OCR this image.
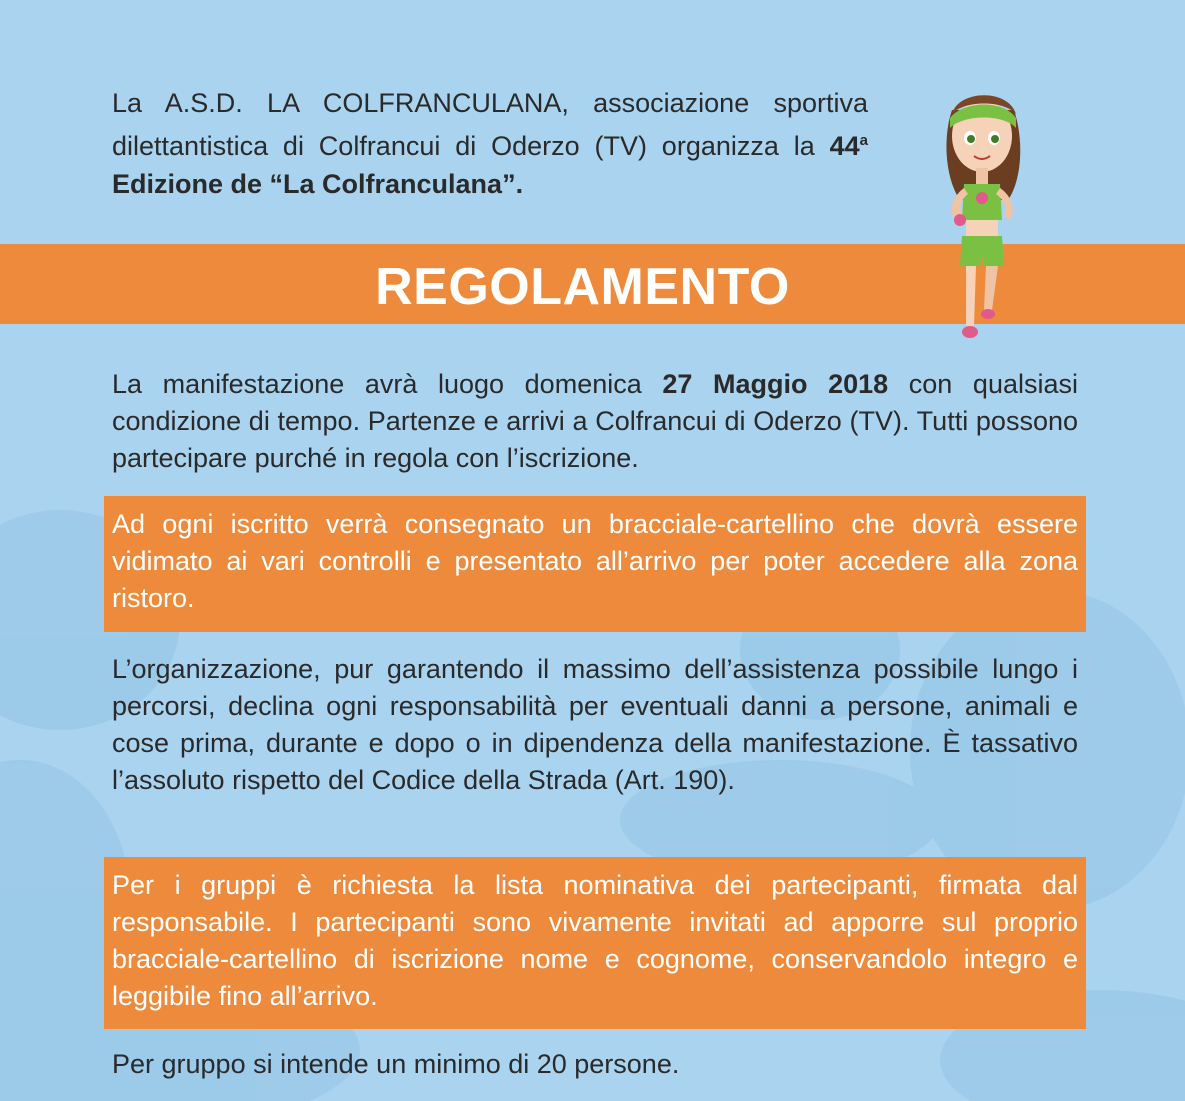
La A.S.D. LA COLFRANCULANA, associazione sportiva dilettantistica di Colfrancui di Oderzo (TV) organizza la 44$^a$ Edizione de “La Colfranculana”.

REGOLAMENTO

La manifestazione avrà luogo domenica 27 Maggio 2018 con qualsiasi condizione di tempo. Partenze e arrivi a Colfrancui di Oderzo (TV). Tutti possono partecipare purché in regola con l’iscrizione.

Ad ogni iscritto verrà consegnato un bracciale-cartellino che dovrà essere vidimato ai vari controlli e presentato all’arrivo per poter accedere alla zona ristoro.

L’organizzazione, pur garantendo il massimo dell’assistenza possibile lungo i percorsi, declina ogni responsabilità per eventuali danni a persone, animali e cose prima, durante e dopo o in dipendenza della manifestazione. È tassativo l’assoluto rispetto del Codice della Strada (Art. 190).

Per i gruppi è richiesta la lista nominativa dei partecipanti, firmata dal responsabile. I partecipanti sono vivamente invitati ad apporre sul proprio bracciale-cartellino di iscrizione nome e cognome, conservandolo integro e leggibile fino all’arrivo.

Per gruppo si intende un minimo di 20 persone.
